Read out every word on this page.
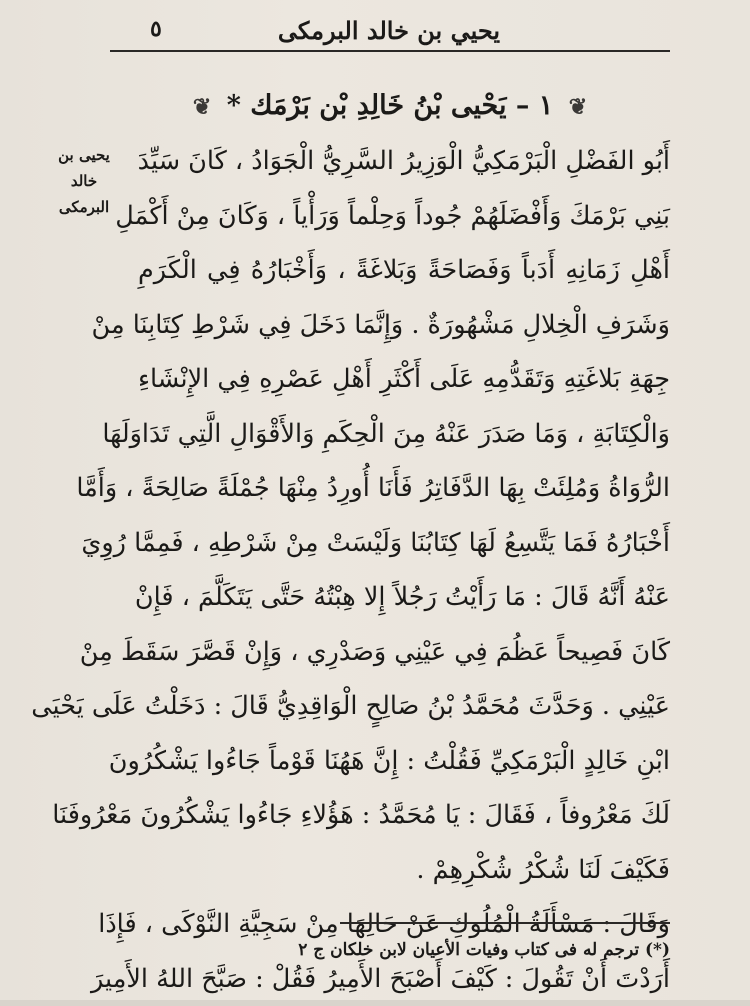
٥	يحيي بن خالد البرمكى
❦ ١ – يَحْيى بْنُ خَالِدِ بْن بَرْمَك * ❦
يحيى بن خالد
البرمكى
أَبُو الفَضْلِ الْبَرْمَكِيُّ الْوَزِيرُ السَّرِيُّ الْجَوَادُ ، كَانَ سَيِّدَ
بَنِي بَرْمَكَ وَأَفْضَلَهُمْ جُوداً وَحِلْماً وَرَأْياً ، وَكَانَ مِنْ أَكْمَلِ
أَهْلِ زَمَانِهِ أَدَباً وَفَصَاحَةً وَبَلاغَةً ، وَأَخْبَارُهُ فِي الْكَرَمِ
وَشَرَفِ الْخِلالِ مَشْهُورَةٌ . وَإِنَّمَا دَخَلَ فِي شَرْطِ كِتَابِنَا مِنْ
جِهَةِ بَلاغَتِهِ وَتَقَدُّمِهِ عَلَى أَكْثَرِ أَهْلِ عَصْرِهِ فِي الإِنْشَاءِ
وَالْكِتَابَةِ ، وَمَا صَدَرَ عَنْهُ مِنَ الْحِكَمِ وَالأَقْوَالِ الَّتِي تَدَاوَلَهَا
الرُّوَاةُ وَمُلِئَتْ بِهَا الدَّفَاتِرُ فَأَنَا أُورِدُ مِنْهَا جُمْلَةً صَالِحَةً ، وَأَمَّا
أَخْبَارُهُ فَمَا يَتَّسِعُ لَهَا كِتَابُنَا وَلَيْسَتْ مِنْ شَرْطِهِ ، فَمِمَّا رُوِيَ
عَنْهُ أَنَّهُ قَالَ : مَا رَأَيْتُ رَجُلاً إِلا هِبْتُهُ حَتَّى يَتَكَلَّمَ ، فَإِنْ
كَانَ فَصِيحاً عَظُمَ فِي عَيْنِي وَصَدْرِي ، وَإِنْ قَصَّرَ سَقَطَ مِنْ
عَيْنِي . وَحَدَّثَ مُحَمَّدُ بْنُ صَالِحٍ الْوَاقِدِيُّ قَالَ : دَخَلْتُ عَلَى يَحْيَى
ابْنِ خَالِدٍ الْبَرْمَكِيِّ فَقُلْتُ : إِنَّ هَهُنَا قَوْماً جَاءُوا يَشْكُرُونَ
لَكَ مَعْرُوفاً ، فَقَالَ : يَا مُحَمَّدُ : هَؤُلاءِ جَاءُوا يَشْكُرُونَ مَعْرُوفَنَا
فَكَيْفَ لَنَا شُكْرُ شُكْرِهِمْ .
وَقَالَ : مَسْأَلَةُ الْمُلُوكِ عَنْ حَالِهَا مِنْ سَجِيَّةِ النَّوْكَى ، فَإِذَا
أَرَدْتَ أَنْ تَقُولَ : كَيْفَ أَصْبَحَ الأَمِيرُ فَقُلْ : صَبَّحَ اللهُ الأَمِيرَ
(*) ترجم له فى كتاب وفيات الأعيان لابن خلكان ج ٢
